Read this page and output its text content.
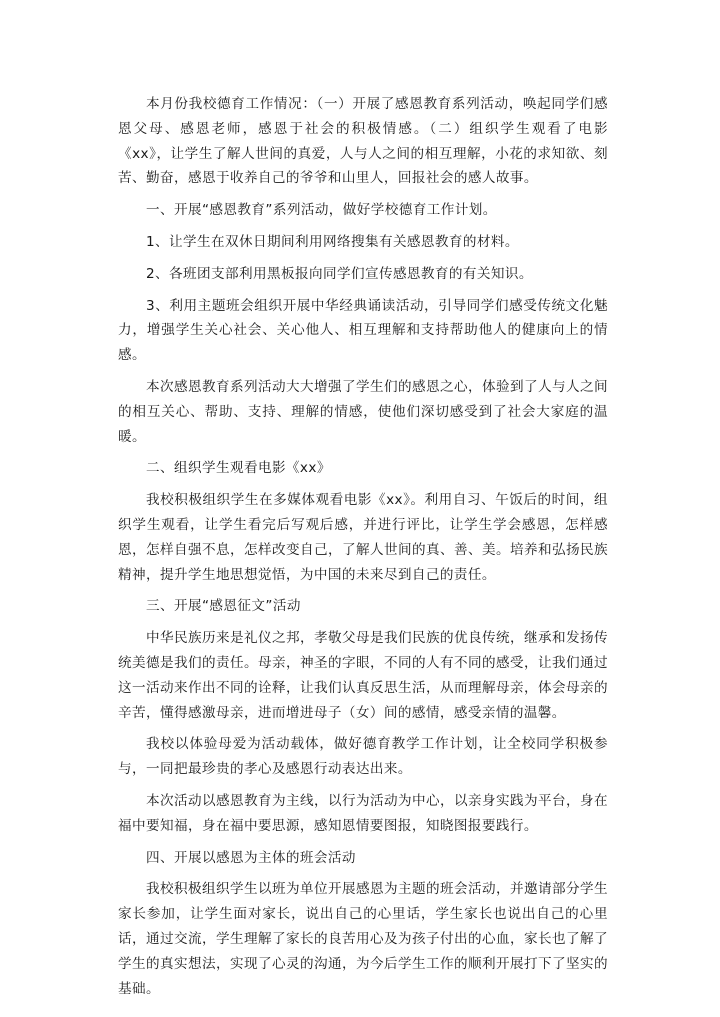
本月份我校德育工作情况：（一）开展了感恩教育系列活动，唤起同学们感恩父母、感恩老师，感恩于社会的积极情感。（二）组织学生观看了电影《xx》，让学生了解人世间的真爱，人与人之间的相互理解，小花的求知欲、刻苦、勤奋，感恩于收养自己的爷爷和山里人，回报社会的感人故事。

一、开展“感恩教育”系列活动，做好学校德育工作计划。

1、让学生在双休日期间利用网络搜集有关感恩教育的材料。

2、各班团支部利用黑板报向同学们宣传感恩教育的有关知识。

3、利用主题班会组织开展中华经典诵读活动，引导同学们感受传统文化魅力，增强学生关心社会、关心他人、相互理解和支持帮助他人的健康向上的情感。

本次感恩教育系列活动大大增强了学生们的感恩之心，体验到了人与人之间的相互关心、帮助、支持、理解的情感，使他们深切感受到了社会大家庭的温暖。

二、组织学生观看电影《xx》

我校积极组织学生在多媒体观看电影《xx》。利用自习、午饭后的时间，组织学生观看，让学生看完后写观后感，并进行评比，让学生学会感恩，怎样感恩，怎样自强不息，怎样改变自己，了解人世间的真、善、美。培养和弘扬民族精神，提升学生地思想觉悟，为中国的未来尽到自己的责任。

三、开展“感恩征文”活动

中华民族历来是礼仪之邦，孝敬父母是我们民族的优良传统，继承和发扬传统美德是我们的责任。母亲，神圣的字眼，不同的人有不同的感受，让我们通过这一活动来作出不同的诠释，让我们认真反思生活，从而理解母亲，体会母亲的辛苦，懂得感激母亲，进而增进母子（女）间的感情，感受亲情的温馨。

我校以体验母爱为活动载体，做好德育教学工作计划，让全校同学积极参与，一同把最珍贵的孝心及感恩行动表达出来。

本次活动以感恩教育为主线，以行为活动为中心，以亲身实践为平台，身在福中要知福，身在福中要思源，感知恩情要图报，知晓图报要践行。

四、开展以感恩为主体的班会活动

我校积极组织学生以班为单位开展感恩为主题的班会活动，并邀请部分学生家长参加，让学生面对家长，说出自己的心里话，学生家长也说出自己的心里话，通过交流，学生理解了家长的良苦用心及为孩子付出的心血，家长也了解了学生的真实想法，实现了心灵的沟通，为今后学生工作的顺利开展打下了坚实的基础。
